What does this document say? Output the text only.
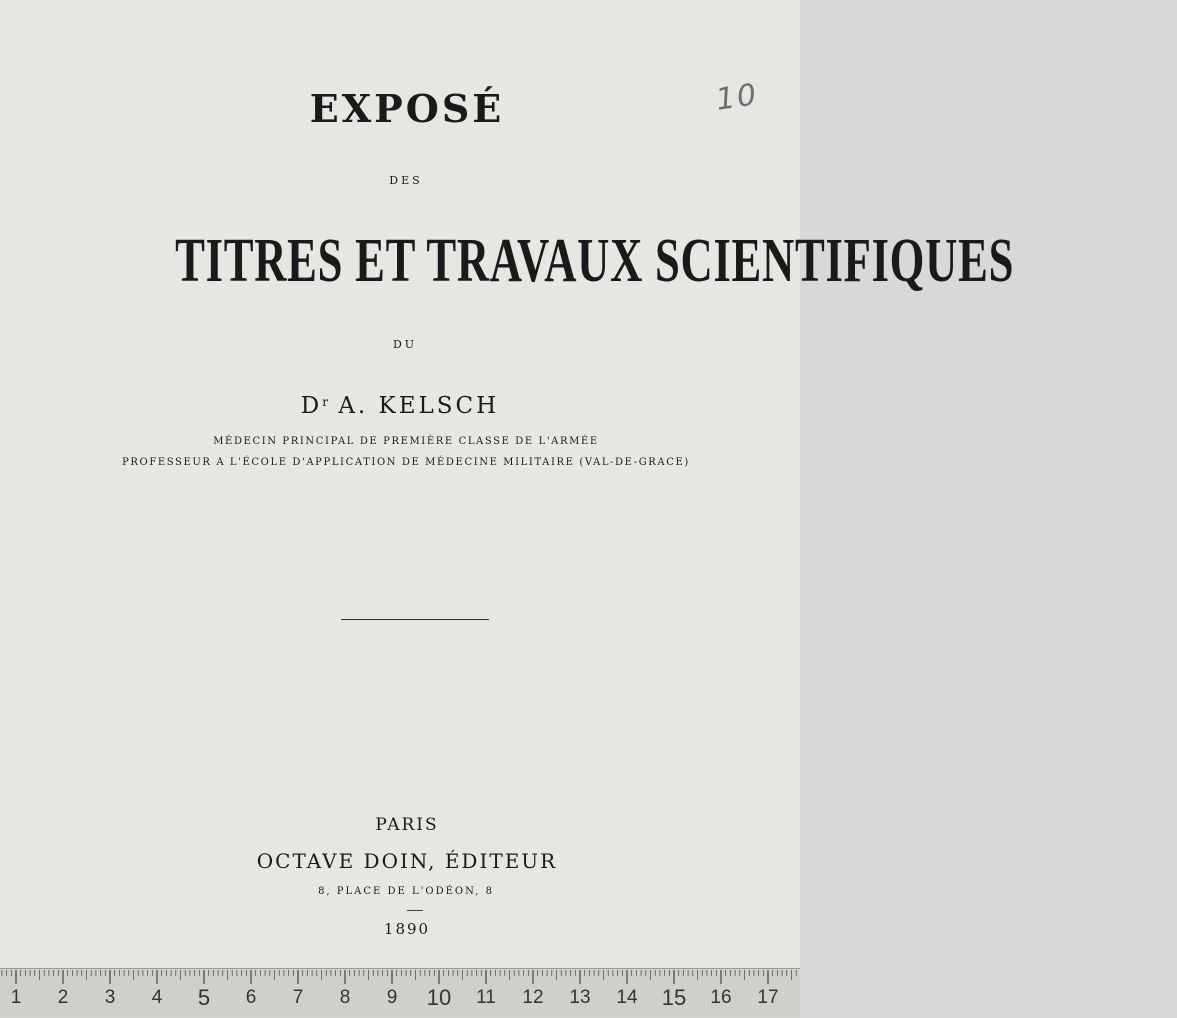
10
EXPOSÉ
DES
TITRES ET TRAVAUX SCIENTIFIQUES
DU
$D^r$ A. KELSCH
MÉDECIN PRINCIPAL DE PREMIÈRE CLASSE DE L'ARMÉE
PROFESSEUR A L'ÉCOLE D'APPLICATION DE MÉDECINE MILITAIRE (VAL-DE-GRACE)
PARIS
OCTAVE DOIN, ÉDITEUR
8, PLACE DE L'ODÉON, 8
1890
1 2 3 4 5 6 7 8 9 10 11 12 13 14 15 16 17
